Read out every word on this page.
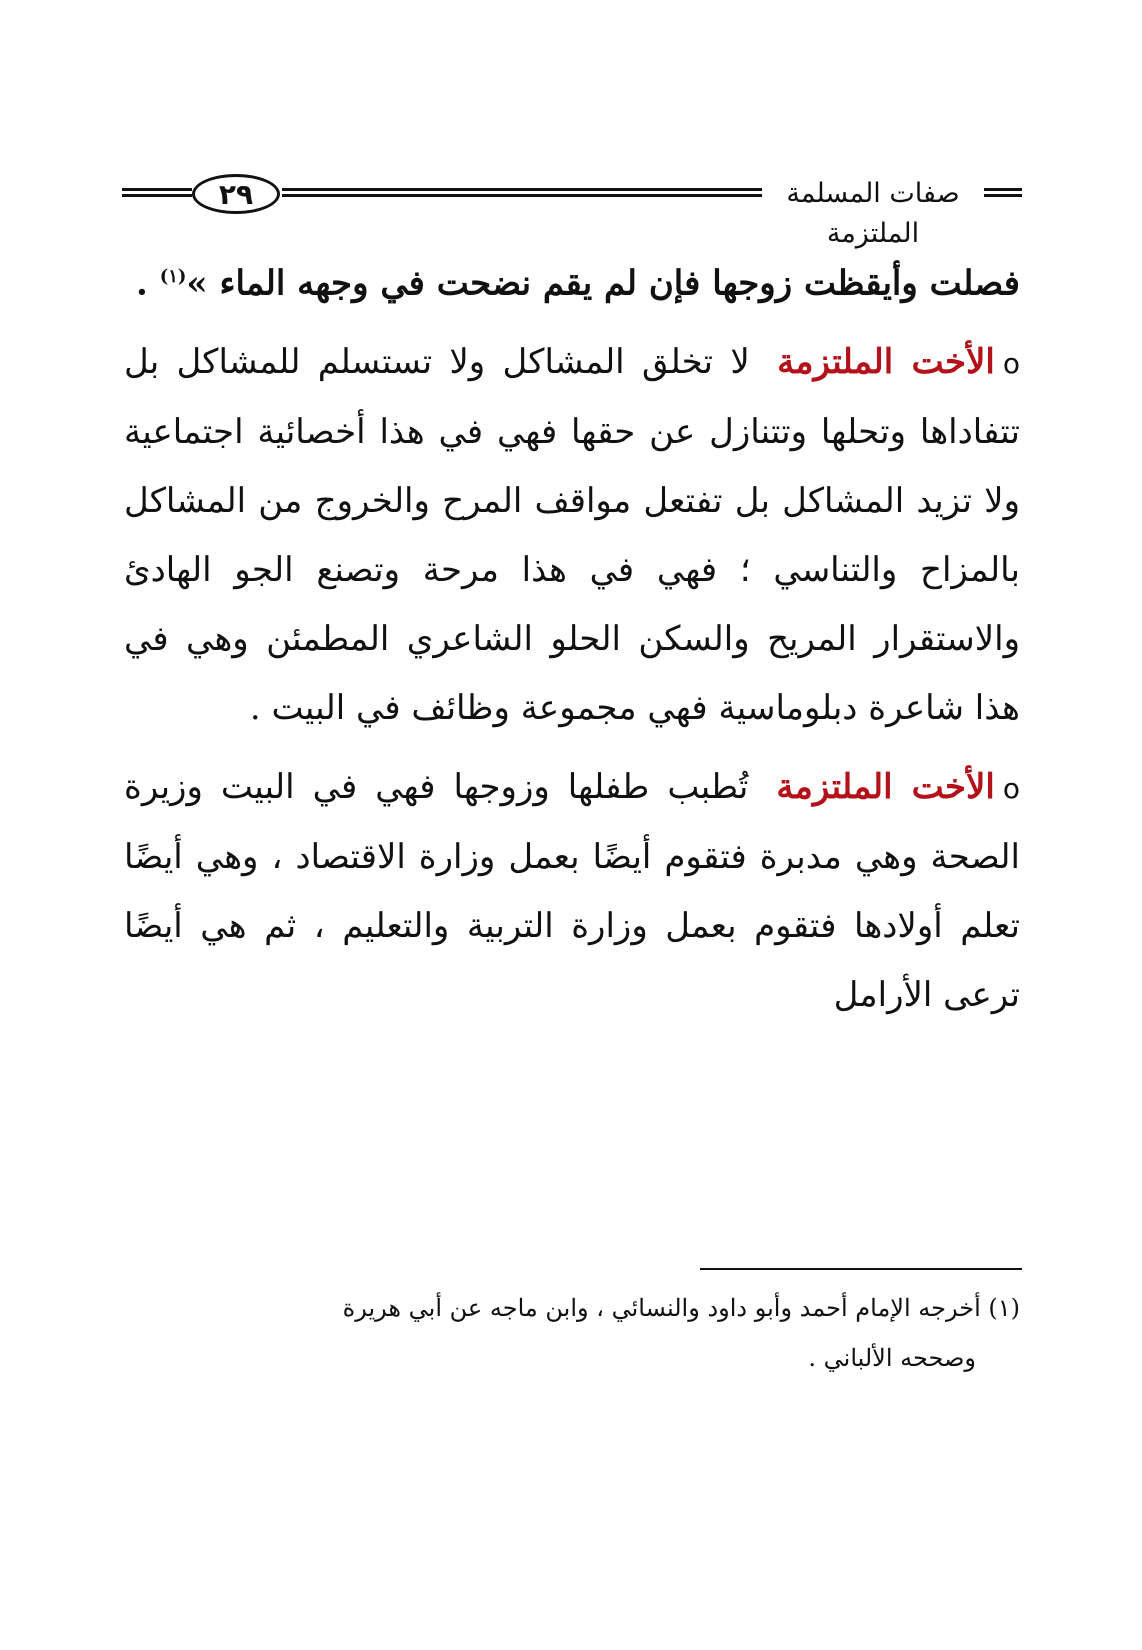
٢٩	صفات المسلمة الملتزمة

فصلت وأيقظت زوجها فإن لم يقم نضحت في وجهه الماء »$^{(١)}$ .

oالأخت الملتزمة لا تخلق المشاكل ولا تستسلم للمشاكل بل تتفاداها وتحلها وتتنازل عن حقها فهي في هذا أخصائية اجتماعية ولا تزيد المشاكل بل تفتعل مواقف المرح والخروج من المشاكل بالمزاح والتناسي ؛ فهي في هذا مرحة وتصنع الجو الهادئ والاستقرار المريح والسكن الحلو الشاعري المطمئن وهي في هذا شاعرة دبلوماسية فهي مجموعة وظائف في البيت .

oالأخت الملتزمة تُطبب طفلها وزوجها فهي في البيت وزيرة الصحة وهي مدبرة فتقوم أيضًا بعمل وزارة الاقتصاد ، وهي أيضًا تعلم أولادها فتقوم بعمل وزارة التربية والتعليم ، ثم هي أيضًا ترعى الأرامل

(١) أخرجه الإمام أحمد وأبو داود والنسائي ، وابن ماجه عن أبي هريرة

وصححه الألباني .
